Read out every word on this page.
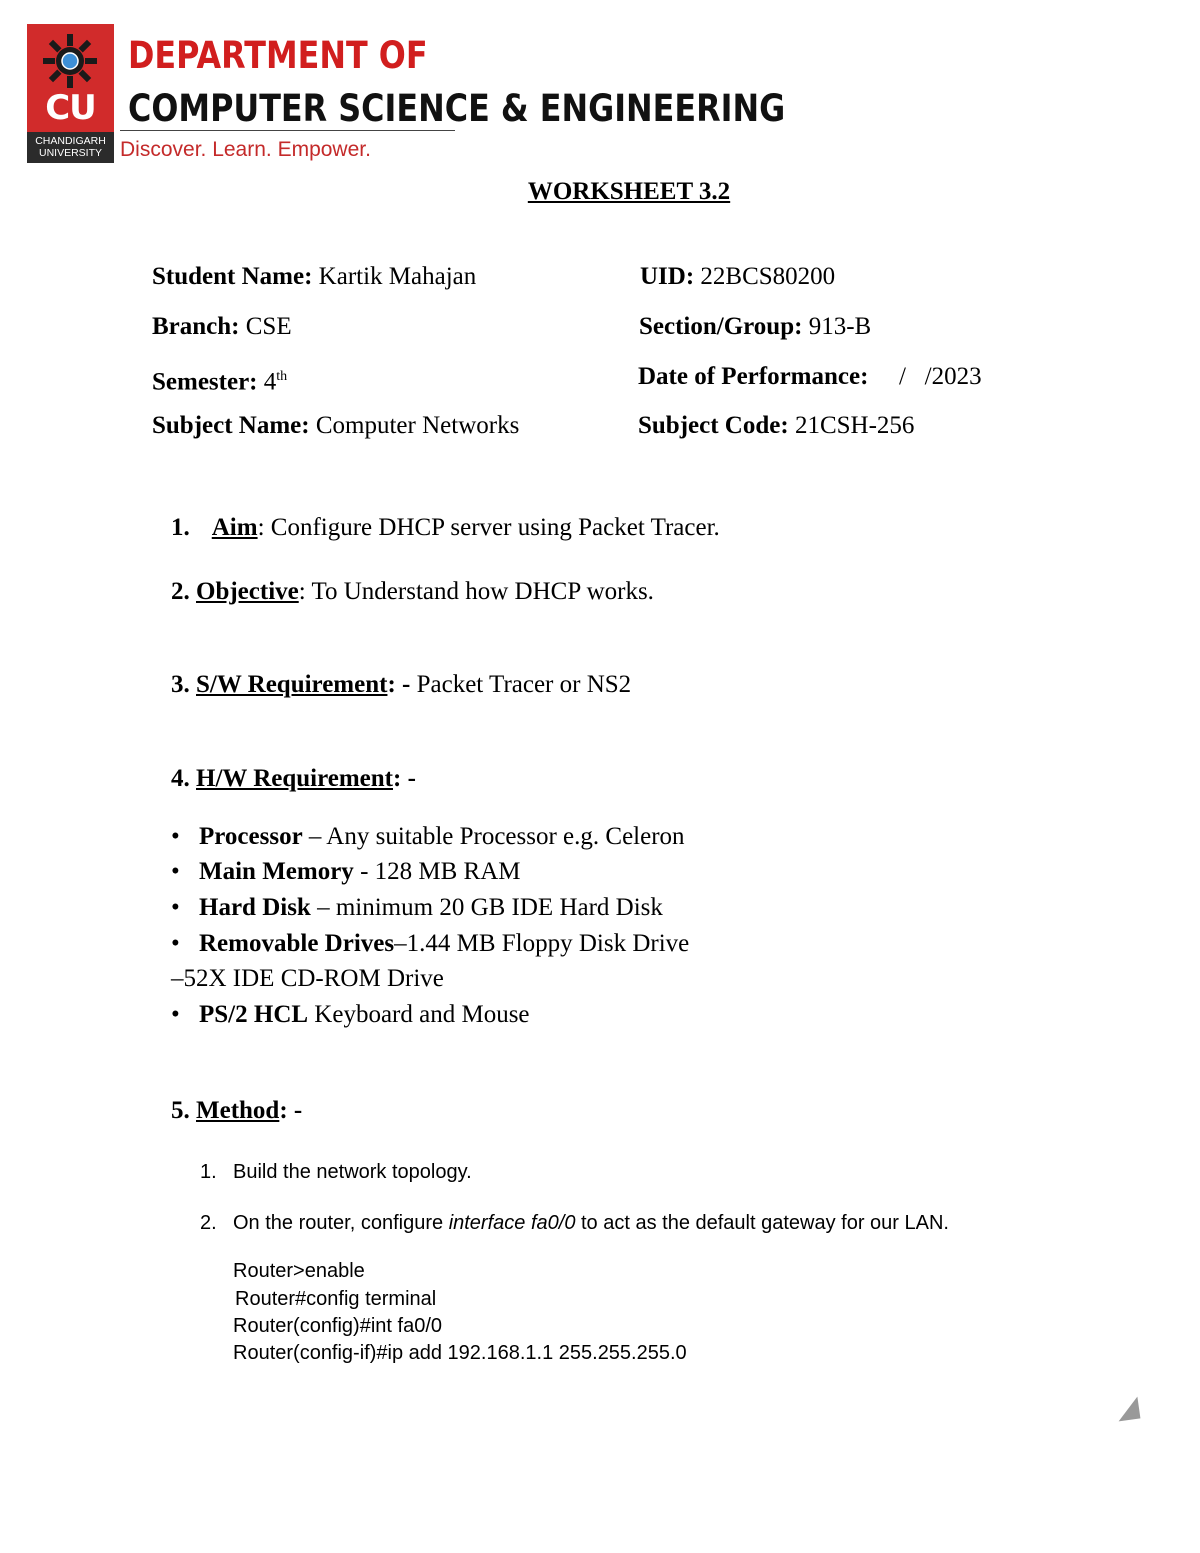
CU
CHANDIGARH UNIVERSITY
DEPARTMENT OF
COMPUTER SCIENCE & ENGINEERING
Discover. Learn. Empower.
WORKSHEET 3.2
Student Name: Kartik Mahajan	UID: 22BCS80200
Branch: CSE	Section/Group: 913-B
Semester: 4th	Date of Performance: /   /2023
Subject Name: Computer Networks	Subject Code: 21CSH-256
1. Aim: Configure DHCP server using Packet Tracer.
2. Objective: To Understand how DHCP works.
3. S/W Requirement: - Packet Tracer or NS2
4. H/W Requirement: -
• Processor – Any suitable Processor e.g. Celeron
• Main Memory - 128 MB RAM
• Hard Disk – minimum 20 GB IDE Hard Disk
• Removable Drives–1.44 MB Floppy Disk Drive
–52X IDE CD-ROM Drive
• PS/2 HCL Keyboard and Mouse
5. Method: -
1. Build the network topology.
2. On the router, configure interface fa0/0 to act as the default gateway for our LAN.
Router>enable
Router#config terminal
Router(config)#int fa0/0
Router(config-if)#ip add 192.168.1.1 255.255.255.0
